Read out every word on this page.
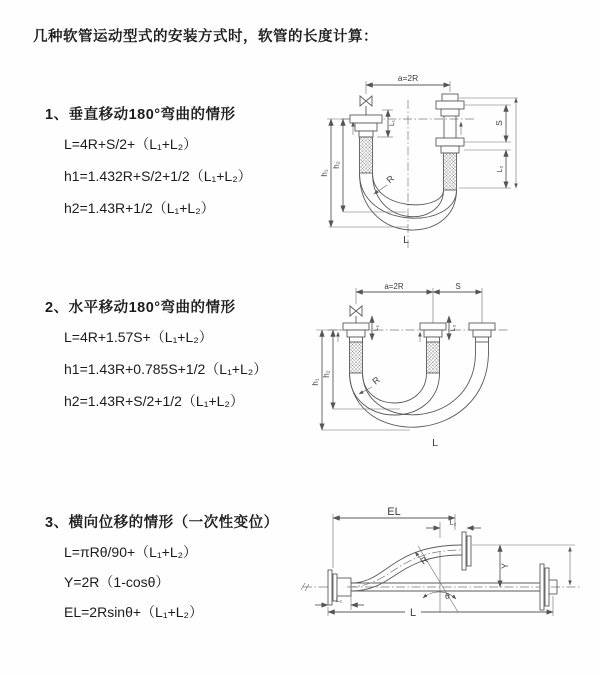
几种软管运动型式的安装方式时，软管的长度计算：
1、垂直移动180°弯曲的情形
L=4R+S/2+（L₁+L₂）
h1=1.432R+S/2+1/2（L₁+L₂）
h2=1.43R+1/2（L₁+L₂）
2、水平移动180°弯曲的情形
L=4R+1.57S+（L₁+L₂）
h1=1.43R+0.785S+1/2（L₁+L₂）
h2=1.43R+S/2+1/2（L₁+L₂）
3、横向位移的情形（一次性变位）
L=πRθ/90+（L₁+L₂）
Y=2R（1-cosθ）
EL=2Rsinθ+（L₁+L₂）
a=2R
h₁
h₂
L₁	S
L₂
R
L
a=2R	S
L₁	L₂
h₁
h₂
R
L
EL
L₂
Y
θ
R
L₁
L
